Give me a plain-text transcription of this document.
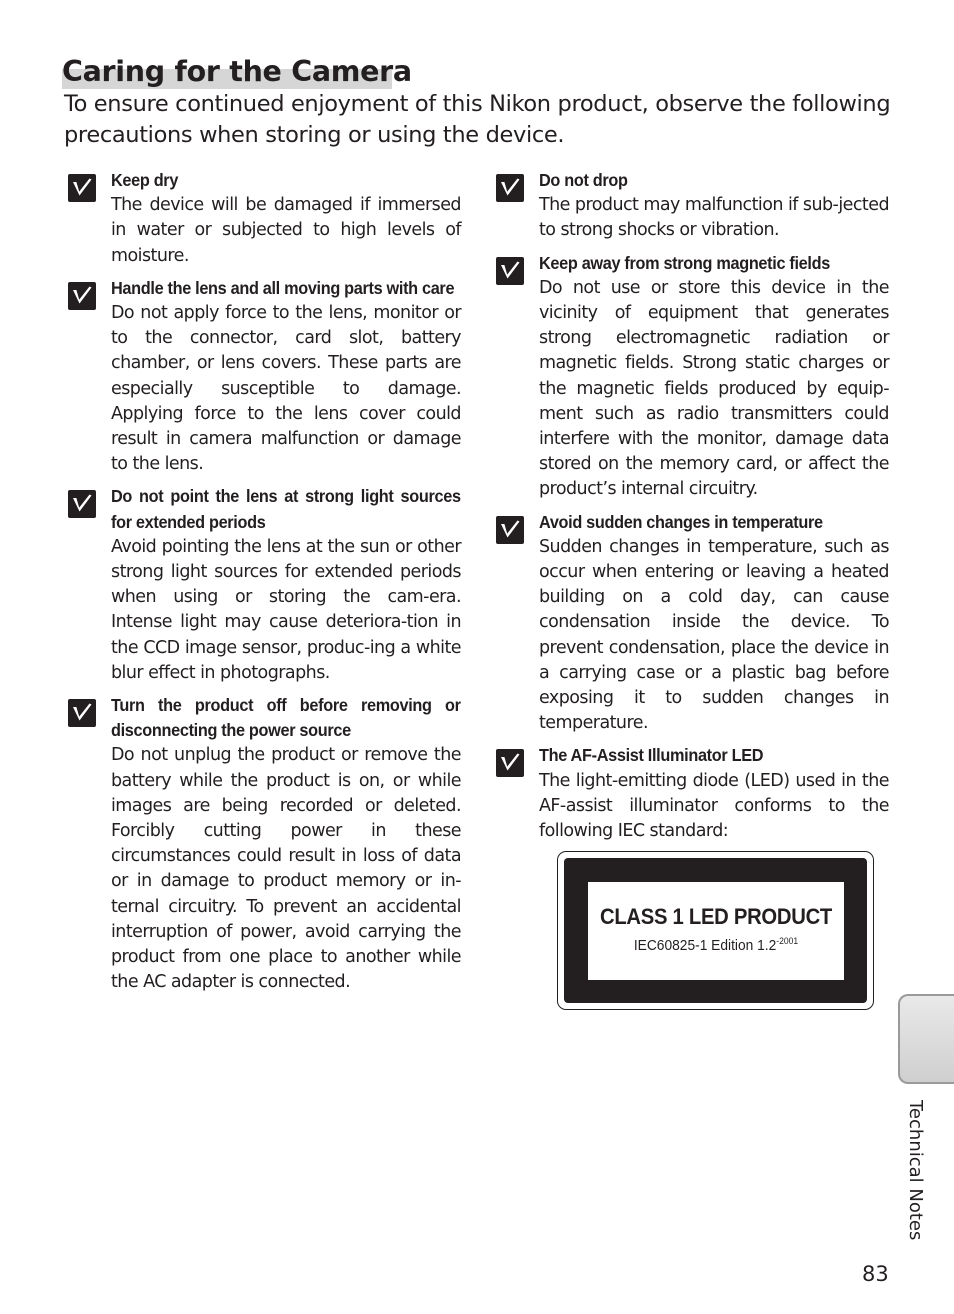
Caring for the Camera

To ensure continued enjoyment of this Nikon product, observe the following precautions when storing or using the device.

Keep dry

The device will be damaged if immersed in water or subjected to high levels of moisture.

Handle the lens and all moving parts with care

Do not apply force to the lens, monitor or to the connector, card slot, battery chamber, or lens covers. These parts are especially susceptible to damage. Applying force to the lens cover could result in camera malfunction or damage to the lens.

Do not point the lens at strong light sources for extended periods

Avoid pointing the lens at the sun or other strong light sources for extended periods when using or storing the cam-era. Intense light may cause deteriora-tion in the CCD image sensor, produc-ing a white blur effect in photographs.

Turn the product off before removing or disconnecting the power source

Do not unplug the product or remove the battery while the product is on, or while images are being recorded or deleted. Forcibly cutting power in these circumstances could result in loss of data or in damage to product memory or in-ternal circuitry. To prevent an accidental interruption of power, avoid carrying the product from one place to another while the AC adapter is connected.

Do not drop

The product may malfunction if sub-jected to strong shocks or vibration.

Keep away from strong magnetic fields

Do not use or store this device in the vicinity of equipment that generates strong electromagnetic radiation or magnetic fields. Strong static charges or the magnetic fields produced by equip-ment such as radio transmitters could interfere with the monitor, damage data stored on the memory card, or affect the product’s internal circuitry.

Avoid sudden changes in temperature

Sudden changes in temperature, such as occur when entering or leaving a heated building on a cold day, can cause condensation inside the device. To prevent condensation, place the device in a carrying case or a plastic bag before exposing it to sudden changes in temperature.

The AF-Assist Illuminator LED

The light-emitting diode (LED) used in the AF-assist illuminator conforms to the following IEC standard:

CLASS 1 LED PRODUCT

IEC60825-1 Edition $1.2^{-2001}$

Technical Notes

83
